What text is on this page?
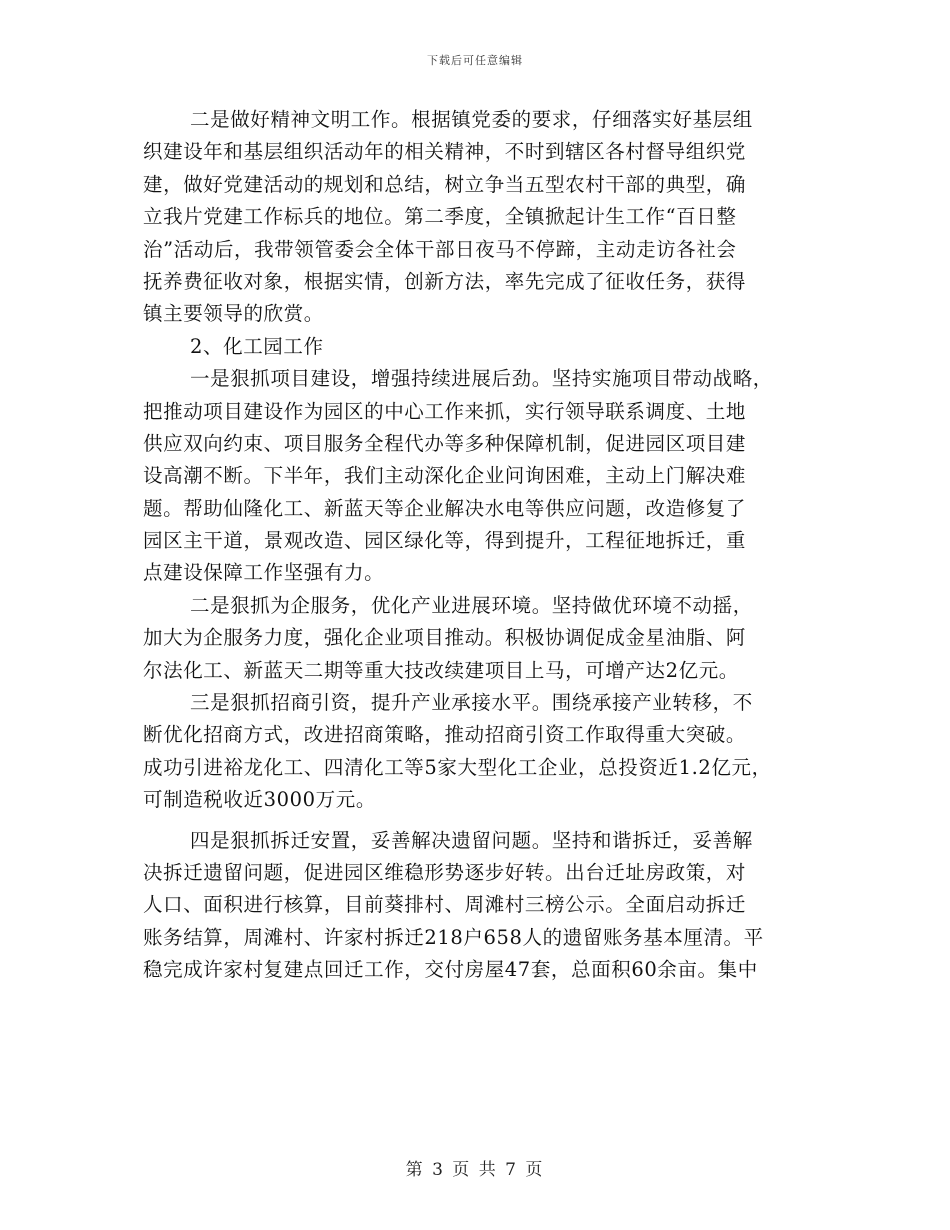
下载后可任意编辑
二是做好精神文明工作。根据镇党委的要求，仔细落实好基层组
织建设年和基层组织活动年的相关精神，不时到辖区各村督导组织党
建，做好党建活动的规划和总结，树立争当五型农村干部的典型，确
立我片党建工作标兵的地位。第二季度，全镇掀起计生工作“百日整
治”活动后，我带领管委会全体干部日夜马不停蹄，主动走访各社会
抚养费征收对象，根据实情，创新方法，率先完成了征收任务，获得
镇主要领导的欣赏。
2、化工园工作
一是狠抓项目建设，增强持续进展后劲。坚持实施项目带动战略，
把推动项目建设作为园区的中心工作来抓，实行领导联系调度、土地
供应双向约束、项目服务全程代办等多种保障机制，促进园区项目建
设高潮不断。下半年，我们主动深化企业问询困难，主动上门解决难
题。帮助仙隆化工、新蓝天等企业解决水电等供应问题，改造修复了
园区主干道，景观改造、园区绿化等，得到提升，工程征地拆迁，重
点建设保障工作坚强有力。
二是狠抓为企服务，优化产业进展环境。坚持做优环境不动摇，
加大为企服务力度，强化企业项目推动。积极协调促成金星油脂、阿
尔法化工、新蓝天二期等重大技改续建项目上马，可增产达2亿元。
三是狠抓招商引资，提升产业承接水平。围绕承接产业转移，不
断优化招商方式，改进招商策略，推动招商引资工作取得重大突破。
成功引进裕龙化工、四清化工等5家大型化工企业，总投资近1.2亿元，
可制造税收近3000万元。
四是狠抓拆迁安置，妥善解决遗留问题。坚持和谐拆迁，妥善解
决拆迁遗留问题，促进园区维稳形势逐步好转。出台迁址房政策，对
人口、面积进行核算，目前葵排村、周滩村三榜公示。全面启动拆迁
账务结算，周滩村、许家村拆迁218户658人的遗留账务基本厘清。平
稳完成许家村复建点回迁工作，交付房屋47套，总面积60余亩。集中
第 3 页 共 7 页
